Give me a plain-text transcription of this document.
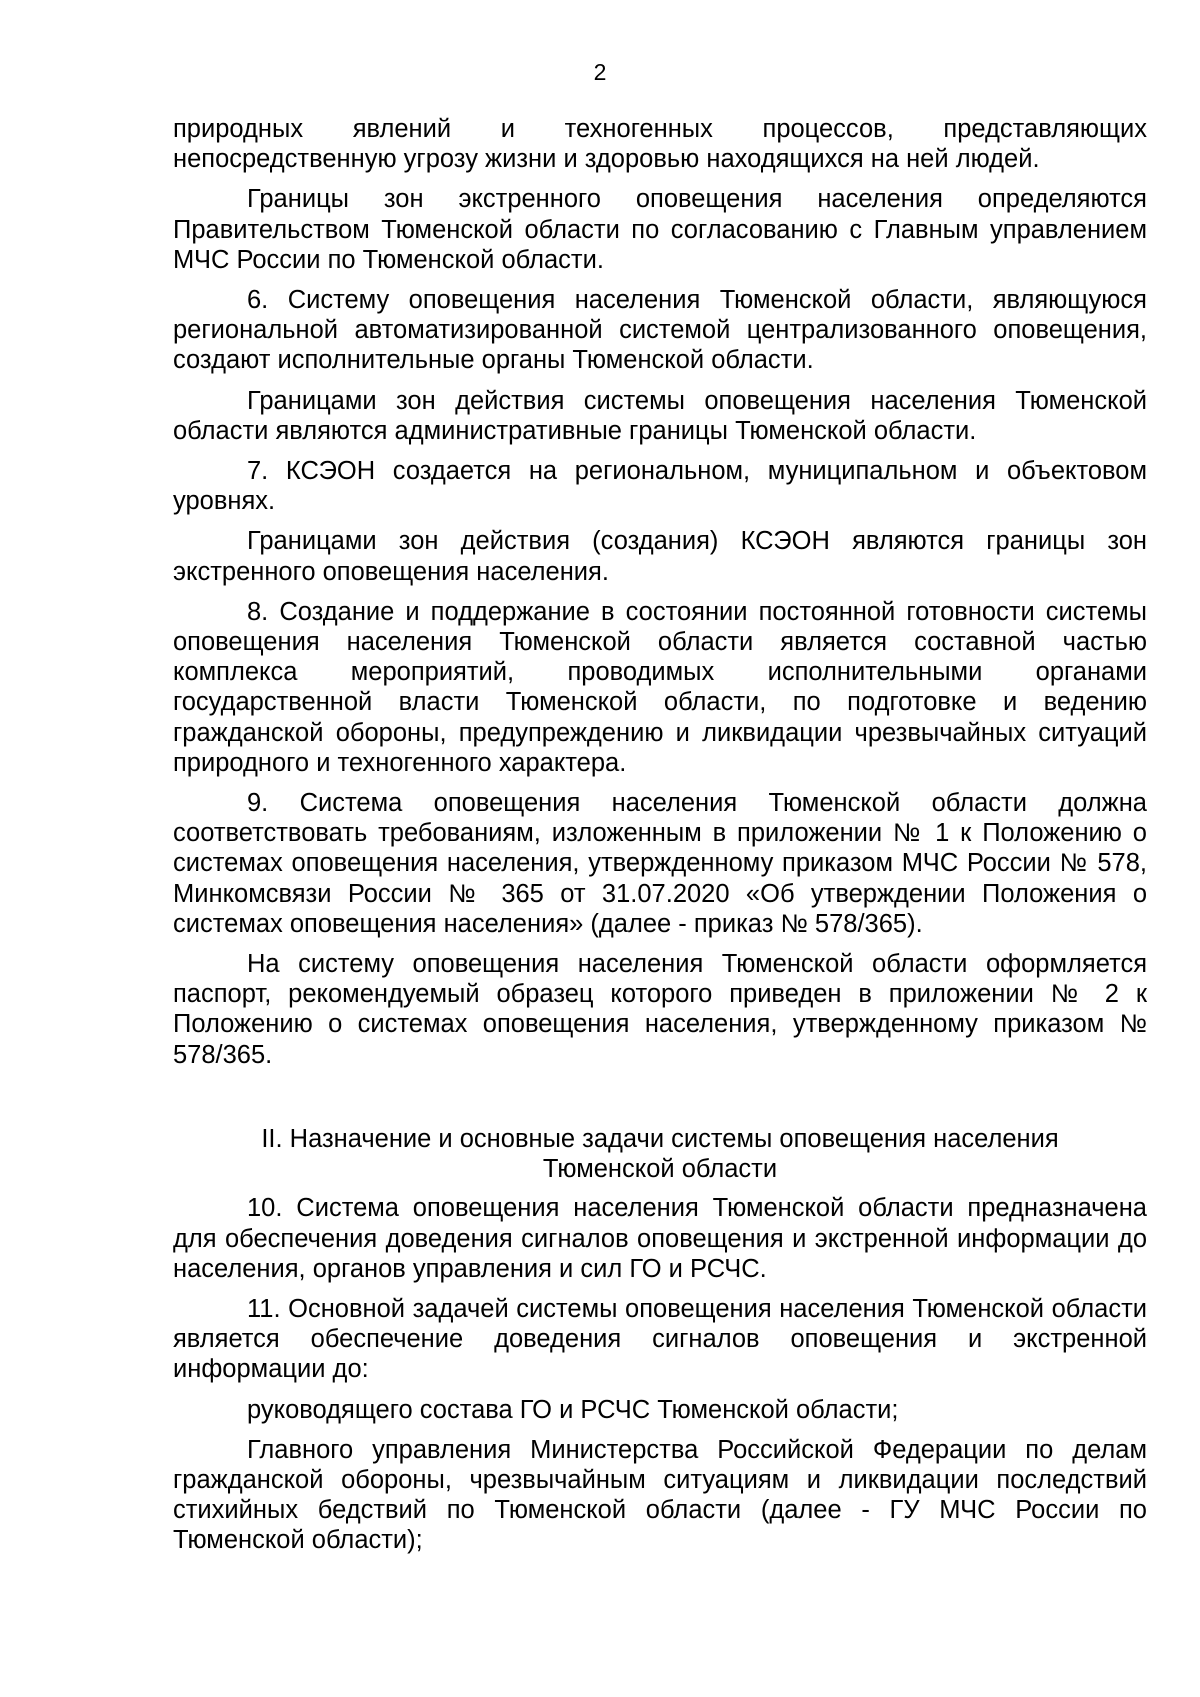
2

природных явлений и техногенных процессов, представляющих непосредственную угрозу жизни и здоровью находящихся на ней людей.

Границы зон экстренного оповещения населения определяются Правительством Тюменской области по согласованию с Главным управлением МЧС России по Тюменской области.

6. Систему оповещения населения Тюменской области, являющуюся региональной автоматизированной системой централизованного оповещения, создают исполнительные органы Тюменской области.

Границами зон действия системы оповещения населения Тюменской области являются административные границы Тюменской области.

7. КСЭОН создается на региональном, муниципальном и объектовом уровнях.

Границами зон действия (создания) КСЭОН являются границы зон экстренного оповещения населения.

8. Создание и поддержание в состоянии постоянной готовности системы оповещения населения Тюменской области является составной частью комплекса мероприятий, проводимых исполнительными органами государственной власти Тюменской области, по подготовке и ведению гражданской обороны, предупреждению и ликвидации чрезвычайных ситуаций природного и техногенного характера.

9. Система оповещения населения Тюменской области должна соответствовать требованиям, изложенным в приложении № 1 к Положению о системах оповещения населения, утвержденному приказом МЧС России № 578, Минкомсвязи России № 365 от 31.07.2020 «Об утверждении Положения о системах оповещения населения» (далее - приказ № 578/365).

На систему оповещения населения Тюменской области оформляется паспорт, рекомендуемый образец которого приведен в приложении № 2 к Положению о системах оповещения населения, утвержденному приказом № 578/365.

II. Назначение и основные задачи системы оповещения населения
Тюменской области

10. Система оповещения населения Тюменской области предназначена для обеспечения доведения сигналов оповещения и экстренной информации до населения, органов управления и сил ГО и РСЧС.

11. Основной задачей системы оповещения населения Тюменской области является обеспечение доведения сигналов оповещения и экстренной информации до:

руководящего состава ГО и РСЧС Тюменской области;

Главного управления Министерства Российской Федерации по делам гражданской обороны, чрезвычайным ситуациям и ликвидации последствий стихийных бедствий по Тюменской области (далее - ГУ МЧС России по Тюменской области);
